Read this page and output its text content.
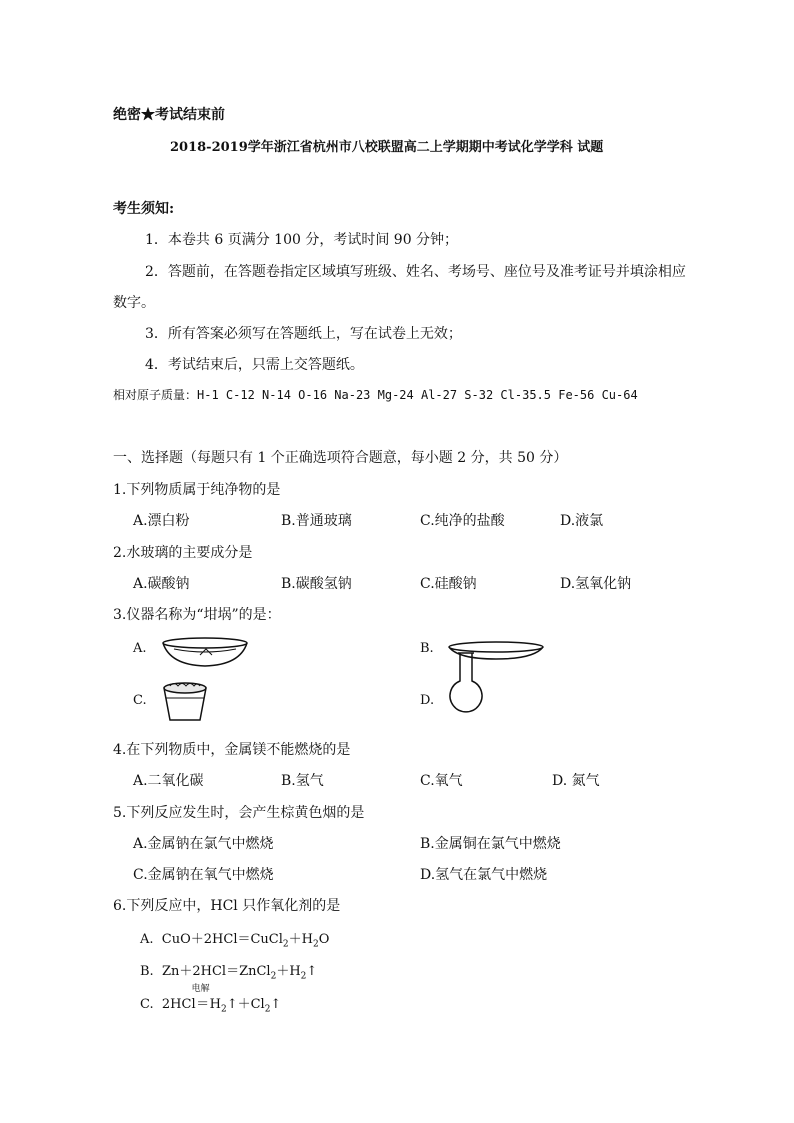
绝密★考试结束前
2018-2019学年浙江省杭州市八校联盟高二上学期期中考试化学学科 试题
考生须知:
1．本卷共 6 页满分 100 分，考试时间 90 分钟；
2．答题前，在答题卷指定区域填写班级、姓名、考场号、座位号及准考证号并填涂相应
数字。
3．所有答案必须写在答题纸上，写在试卷上无效；
4．考试结束后，只需上交答题纸。
相对原子质量：H-1 C-12 N-14 O-16 Na-23 Mg-24 Al-27 S-32 Cl-35.5 Fe-56 Cu-64
一、选择题（每题只有 1 个正确选项符合题意，每小题 2 分，共 50 分）
1.下列物质属于纯净物的是
A.漂白粉	B.普通玻璃	C.纯净的盐酸	D.液氯
2.水玻璃的主要成分是
A.碳酸钠	B.碳酸氢钠	C.硅酸钠	D.氢氧化钠
3.仪器名称为“坩埚”的是：
A.	B.
C.	D.
4.在下列物质中，金属镁不能燃烧的是
A.二氧化碳	B.氢气	C.氧气	D. 氮气
5.下列反应发生时，会产生棕黄色烟的是
A.金属钠在氯气中燃烧	B.金属铜在氯气中燃烧
C.金属钠在氧气中燃烧	D.氢气在氯气中燃烧
6.下列反应中，HCl 只作氧化剂的是
A. $CuO+2HCl=CuCl_2+H_2O$
B. $Zn+2HCl=ZnCl_2+H_2↑$
C. 2HCl
电解
$=H_2↑+Cl_2↑$
